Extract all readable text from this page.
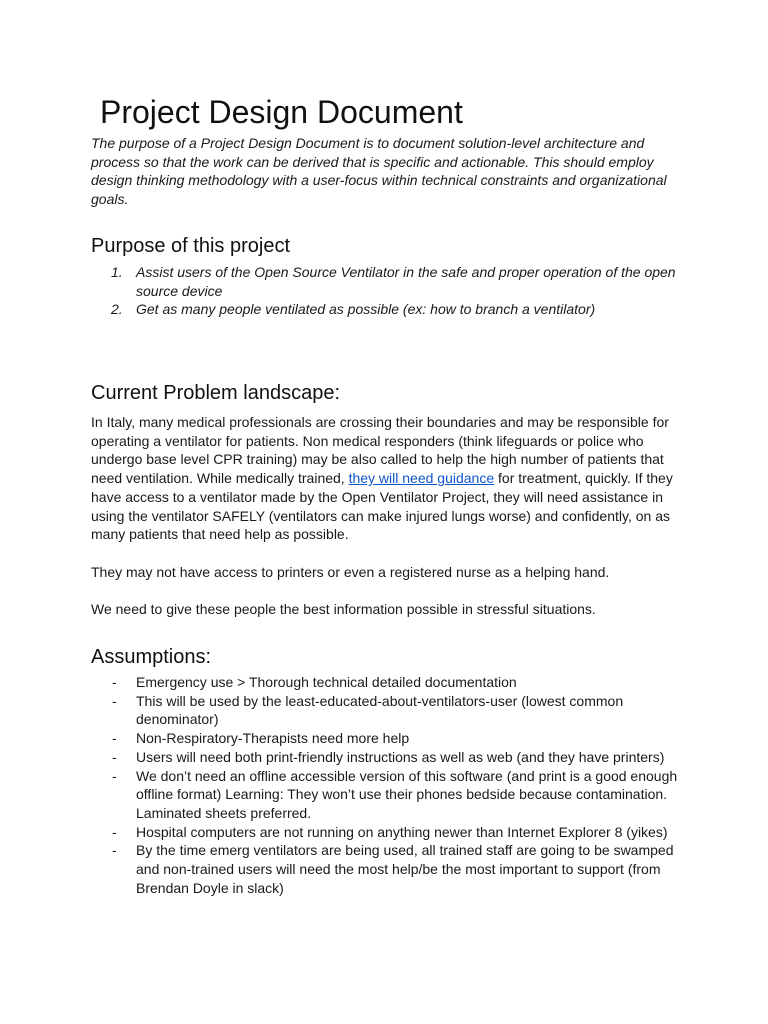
Project Design Document

The purpose of a Project Design Document is to document solution-level architecture and process so that the work can be derived that is specific and actionable. This should employ design thinking methodology with a user-focus within technical constraints and organizational goals.

Purpose of this project
1. Assist users of the Open Source Ventilator in the safe and proper operation of the open source device
2. Get as many people ventilated as possible (ex: how to branch a ventilator)
Current Problem landscape:

In Italy, many medical professionals are crossing their boundaries and may be responsible for operating a ventilator for patients. Non medical responders (think lifeguards or police who undergo base level CPR training) may be also called to help the high number of patients that need ventilation. While medically trained, they will need guidance for treatment, quickly. If they have access to a ventilator made by the Open Ventilator Project, they will need assistance in using the ventilator SAFELY (ventilators can make injured lungs worse) and confidently, on as many patients that need help as possible.

They may not have access to printers or even a registered nurse as a helping hand.

We need to give these people the best information possible in stressful situations.

Assumptions:
- Emergency use > Thorough technical detailed documentation
- This will be used by the least-educated-about-ventilators-user (lowest common denominator)
- Non-Respiratory-Therapists need more help
- Users will need both print-friendly instructions as well as web (and they have printers)
- We don’t need an offline accessible version of this software (and print is a good enough offline format) Learning: They won’t use their phones bedside because contamination. Laminated sheets preferred.
- Hospital computers are not running on anything newer than Internet Explorer 8 (yikes)
- By the time emerg ventilators are being used, all trained staff are going to be swamped and non-trained users will need the most help/be the most important to support (from Brendan Doyle in slack)
